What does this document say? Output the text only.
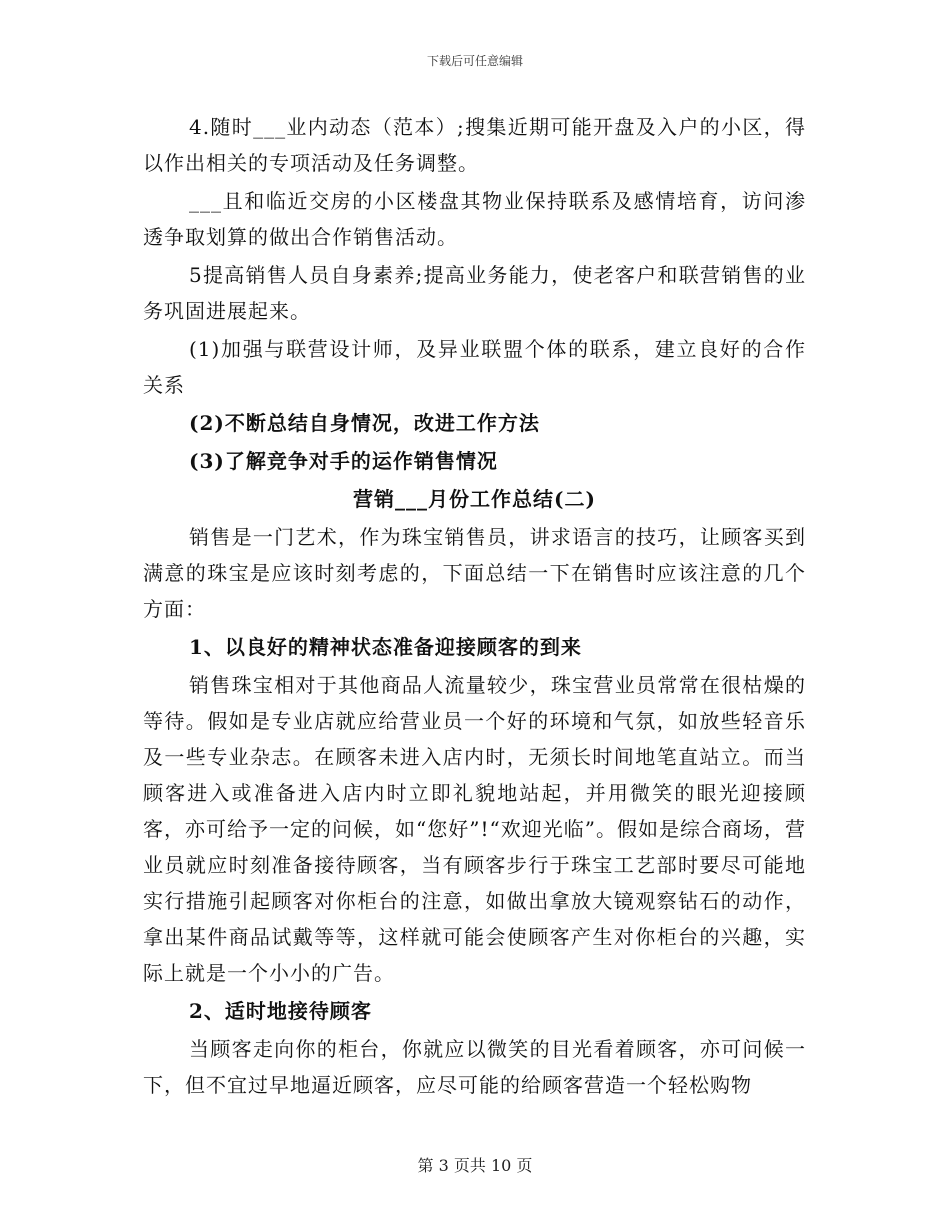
下载后可任意编辑

4.随时___业内动态（范本）;搜集近期可能开盘及入户的小区，得以作出相关的专项活动及任务调整。

___且和临近交房的小区楼盘其物业保持联系及感情培育，访问渗透争取划算的做出合作销售活动。

5提高销售人员自身素养;提高业务能力，使老客户和联营销售的业务巩固进展起来。

(1)加强与联营设计师，及异业联盟个体的联系，建立良好的合作关系

(2)不断总结自身情况，改进工作方法

(3)了解竞争对手的运作销售情况

营销___月份工作总结(二)

销售是一门艺术，作为珠宝销售员，讲求语言的技巧，让顾客买到满意的珠宝是应该时刻考虑的，下面总结一下在销售时应该注意的几个方面：

1、以良好的精神状态准备迎接顾客的到来

销售珠宝相对于其他商品人流量较少，珠宝营业员常常在很枯燥的等待。假如是专业店就应给营业员一个好的环境和气氛，如放些轻音乐及一些专业杂志。在顾客未进入店内时，无须长时间地笔直站立。而当顾客进入或准备进入店内时立即礼貌地站起，并用微笑的眼光迎接顾客，亦可给予一定的问候，如“您好”!“欢迎光临”。假如是综合商场，营业员就应时刻准备接待顾客，当有顾客步行于珠宝工艺部时要尽可能地实行措施引起顾客对你柜台的注意，如做出拿放大镜观察钻石的动作，拿出某件商品试戴等等，这样就可能会使顾客产生对你柜台的兴趣，实际上就是一个小小的广告。

2、适时地接待顾客

当顾客走向你的柜台，你就应以微笑的目光看着顾客，亦可问候一下，但不宜过早地逼近顾客，应尽可能的给顾客营造一个轻松购物

第 3 页共 10 页
